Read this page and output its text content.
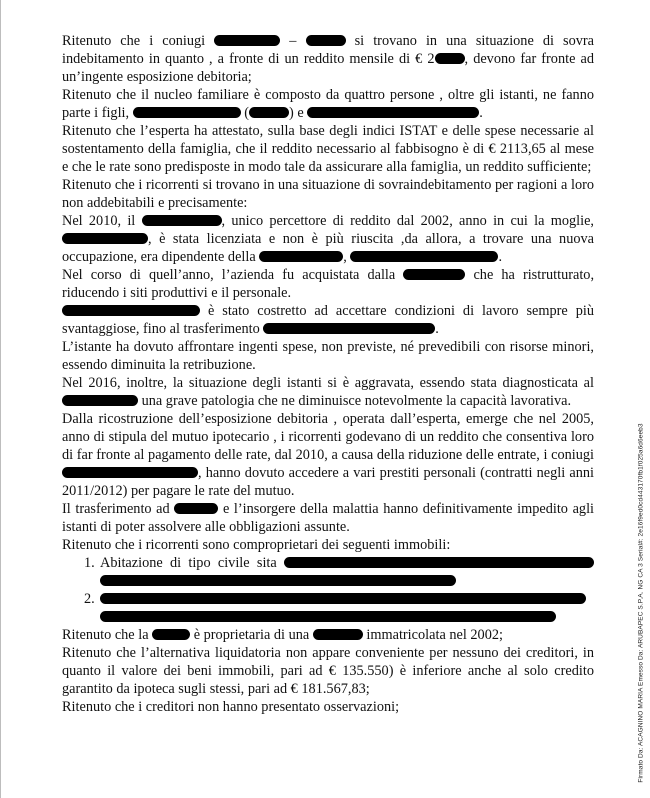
Ritenuto che i coniugi	–	si trovano in una situazione di sovra indebitamento in quanto , a fronte di un reddito mensile di € 2 , devono far fronte ad un’ingente esposizione debitoria;

Ritenuto che il nucleo familiare è composto da quattro persone , oltre gli istanti, ne fanno parte i figli,	(	) e	.

Ritenuto che l’esperta ha attestato, sulla base degli indici ISTAT e delle spese necessarie al sostentamento della famiglia, che il reddito necessario al fabbisogno è di € 2113,65 al mese e che le rate sono predisposte in modo tale da assicurare alla famiglia, un reddito sufficiente;

Ritenuto che i ricorrenti si trovano in una situazione di sovraindebitamento per ragioni a loro non addebitabili e precisamente:

Nel 2010, il	, unico percettore di reddito dal 2002, anno in cui la moglie, , è stata licenziata e non è più riuscita ,da allora, a trovare una nuova occupazione, era dipendente della	,	.

Nel corso di quell’anno, l’azienda fu acquistata dalla	che ha ristrutturato, riducendo i siti produttivi e il personale.

è stato costretto ad accettare condizioni di lavoro sempre più svantaggiose, fino al trasferimento	.

L’istante ha dovuto affrontare ingenti spese, non previste, né prevedibili con risorse minori, essendo diminuita la retribuzione.

Nel 2016, inoltre, la situazione degli istanti si è aggravata, essendo stata diagnosticata al  una grave patologia che ne diminuisce notevolmente la capacità lavorativa.

Dalla ricostruzione dell’esposizione debitoria , operata dall’esperta, emerge che nel 2005, anno di stipula del mutuo ipotecario , i ricorrenti godevano di un reddito che consentiva loro di far fronte al pagamento delle rate, dal 2010, a causa della riduzione delle entrate, i coniugi, hanno dovuto accedere a vari prestiti personali (contratti negli anni 2011/2012) per pagare le rate del mutuo.

Il trasferimento ad	e l’insorgere della malattia hanno definitivamente impedito agli istanti di poter assolvere alle obbligazioni assunte.

Ritenuto che i ricorrenti sono comproprietari dei seguenti immobili:

1. Abitazione di tipo civile sita
2.

Ritenuto che la	è proprietaria di una	immatricolata nel 2002;

Ritenuto che l’alternativa liquidatoria non appare conveniente per nessuno dei creditori, in quanto il valore dei beni immobili, pari ad € 135.550) è inferiore anche al solo credito garantito da ipoteca sugli stessi, pari ad € 181.567,83;

Ritenuto che i creditori non hanno presentato osservazioni;	Firmato Da: ACAGNINO MARIA Emesso Da: ARUBAPEC S.P.A. NG CA 3 Serial#: 2e16f9ed0cd443170fb1f025a6d6eeb3
